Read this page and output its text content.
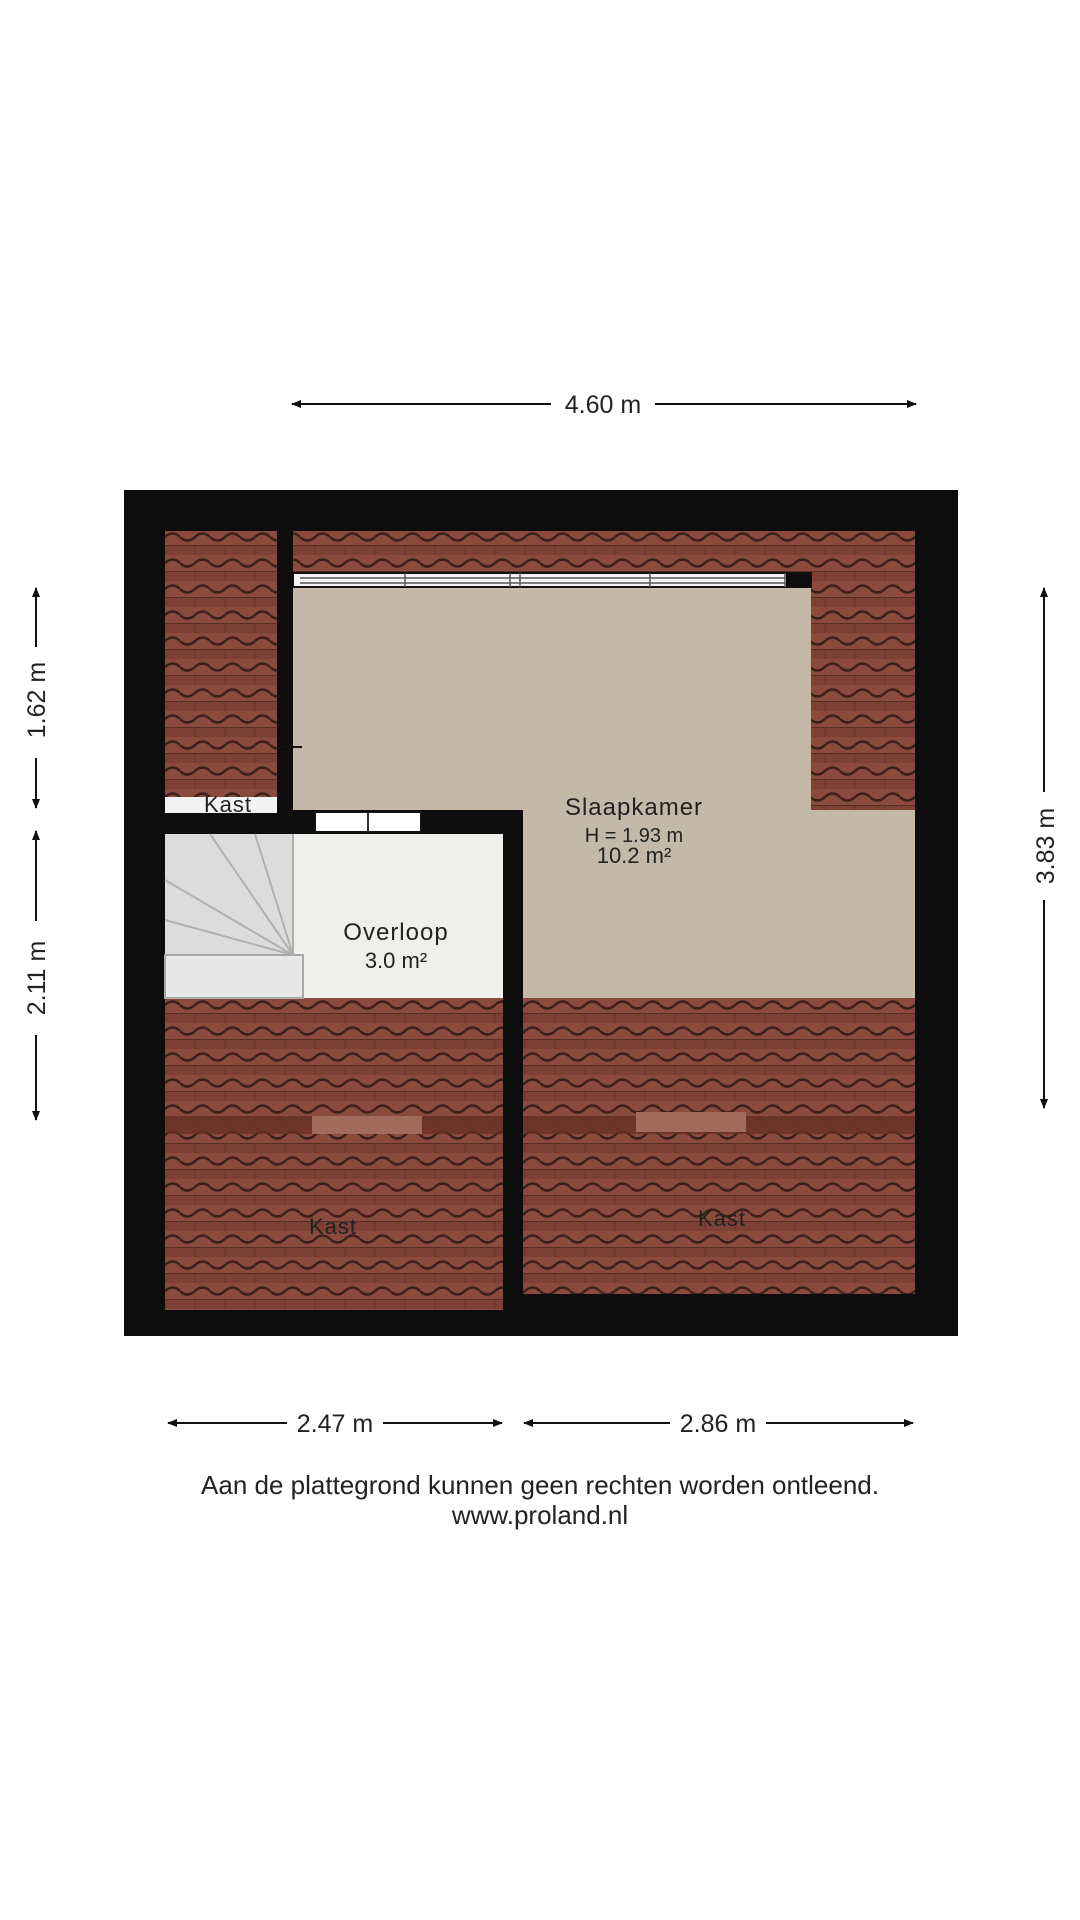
Slaapkamer
H = 1.93 m
10.2 m²
Overloop
3.0 m²
Kast
Kast	Kast
4.60 m
1.62 m
2.11 m
3.83 m
2.47 m	2.86 m
Aan de plattegrond kunnen geen rechten worden ontleend.
www.proland.nl
